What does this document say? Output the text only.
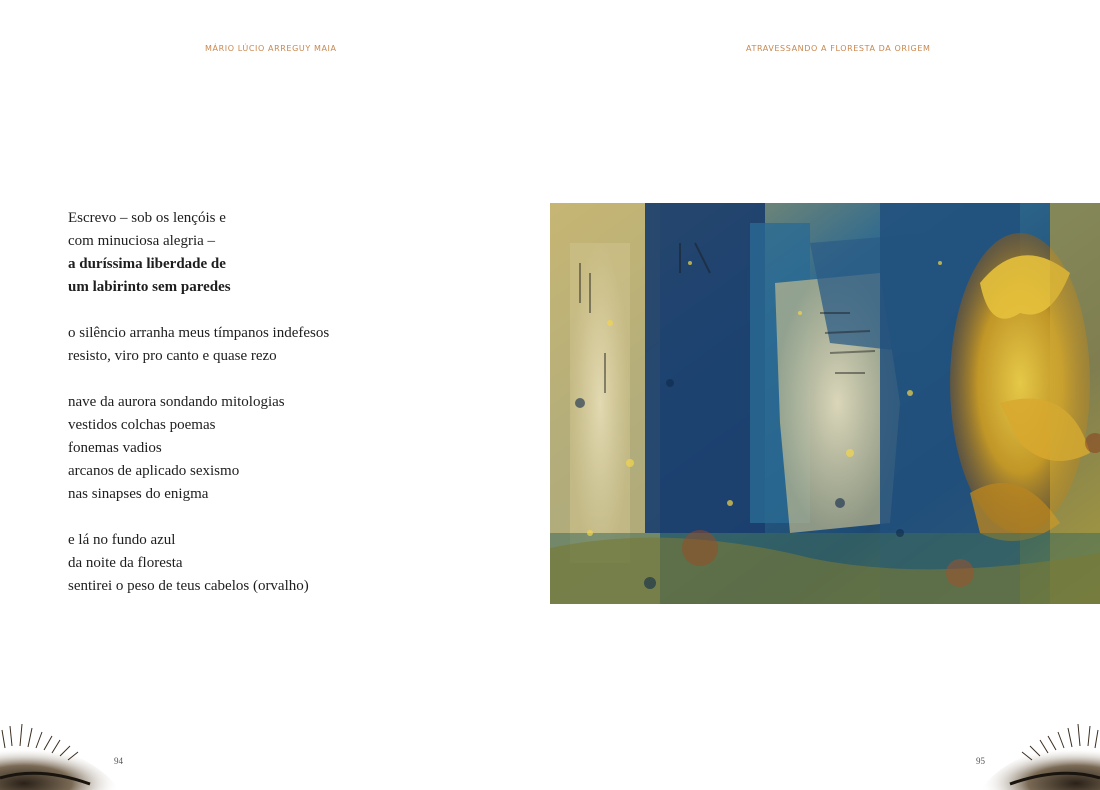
MÁRIO LÚCIO ARREGUY MAIA
Escrevo – sob os lençóis e
com minuciosa alegria –
a duríssima liberdade de
um labirinto sem paredes
o silêncio arranha meus tímpanos indefesos
resisto, viro pro canto e quase rezo
nave da aurora sondando mitologias
vestidos colchas poemas
fonemas vadios
arcanos de aplicado sexismo
nas sinapses do enigma
e lá no fundo azul
da noite da floresta
sentirei o peso de teus cabelos (orvalho)
94
ATRAVESSANDO A FLORESTA DA ORIGEM
95
